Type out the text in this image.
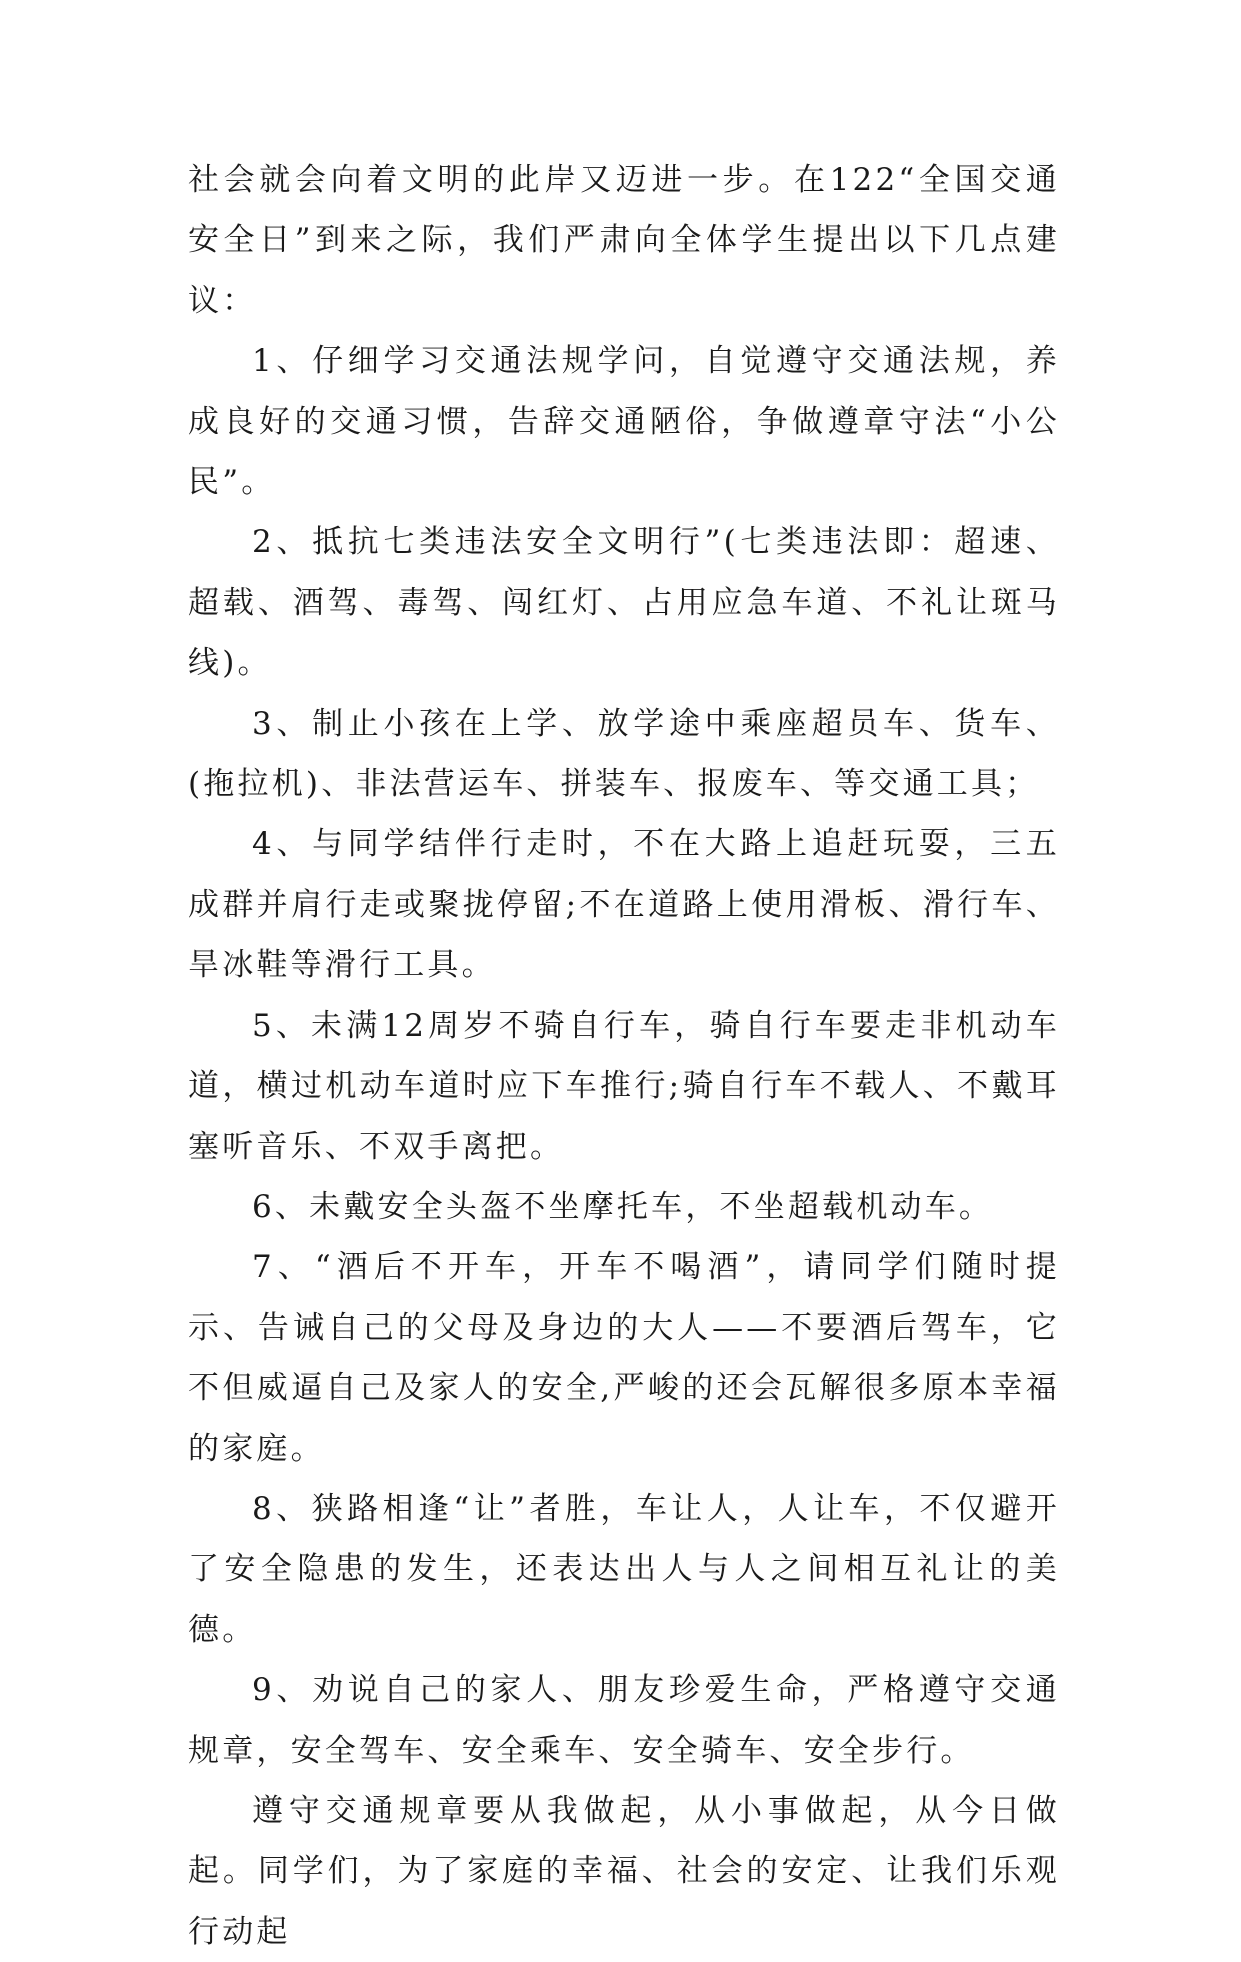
社会就会向着文明的此岸又迈进一步。在122“全国交通安全日”到来之际，我们严肃向全体学生提出以下几点建议：

1、仔细学习交通法规学问，自觉遵守交通法规，养成良好的交通习惯，告辞交通陋俗，争做遵章守法“小公民”。

2、抵抗七类违法安全文明行”(七类违法即：超速、超载、酒驾、毒驾、闯红灯、占用应急车道、不礼让斑马线)。

3、制止小孩在上学、放学途中乘座超员车、货车、(拖拉机)、非法营运车、拼装车、报废车、等交通工具；

4、与同学结伴行走时，不在大路上追赶玩耍，三五成群并肩行走或聚拢停留;不在道路上使用滑板、滑行车、旱冰鞋等滑行工具。

5、未满12周岁不骑自行车，骑自行车要走非机动车道，横过机动车道时应下车推行;骑自行车不载人、不戴耳塞听音乐、不双手离把。

6、未戴安全头盔不坐摩托车，不坐超载机动车。

7、“酒后不开车，开车不喝酒”，请同学们随时提示、告诫自己的父母及身边的大人——不要酒后驾车，它不但威逼自己及家人的安全,严峻的还会瓦解很多原本幸福的家庭。

8、狭路相逢“让”者胜，车让人，人让车，不仅避开了安全隐患的发生，还表达出人与人之间相互礼让的美德。

9、劝说自己的家人、朋友珍爱生命，严格遵守交通规章，安全驾车、安全乘车、安全骑车、安全步行。

遵守交通规章要从我做起，从小事做起，从今日做起。同学们，为了家庭的幸福、社会的安定、让我们乐观行动起
